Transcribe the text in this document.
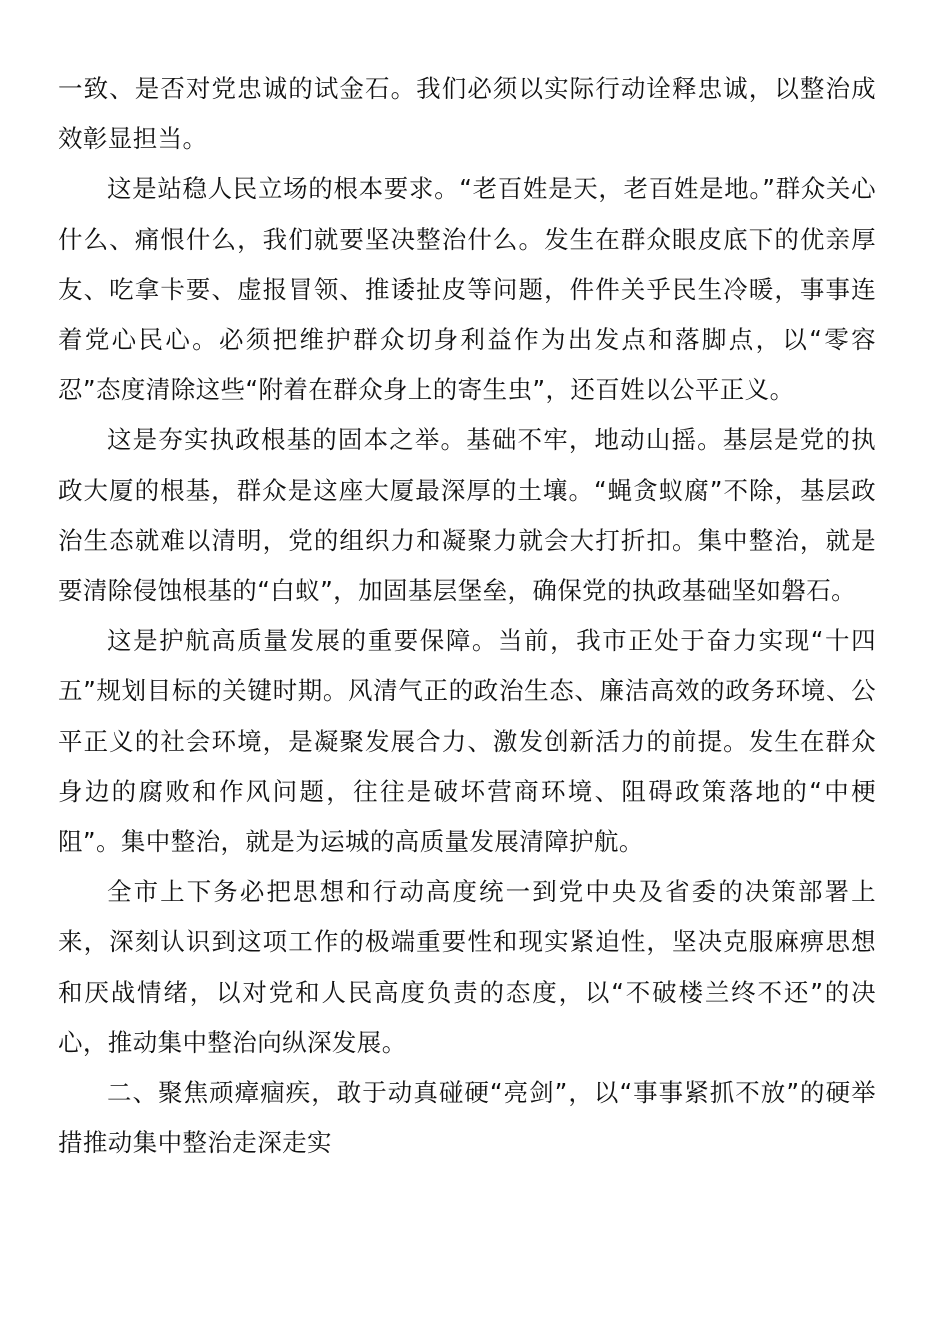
一致、是否对党忠诚的试金石。我们必须以实际行动诠释忠诚，以整治成效彰显担当。

这是站稳人民立场的根本要求。“老百姓是天，老百姓是地。”群众关心什么、痛恨什么，我们就要坚决整治什么。发生在群众眼皮底下的优亲厚友、吃拿卡要、虚报冒领、推诿扯皮等问题，件件关乎民生冷暖，事事连着党心民心。必须把维护群众切身利益作为出发点和落脚点，以“零容忍”态度清除这些“附着在群众身上的寄生虫”，还百姓以公平正义。

这是夯实执政根基的固本之举。基础不牢，地动山摇。基层是党的执政大厦的根基，群众是这座大厦最深厚的土壤。“蝇贪蚁腐”不除，基层政治生态就难以清明，党的组织力和凝聚力就会大打折扣。集中整治，就是要清除侵蚀根基的“白蚁”，加固基层堡垒，确保党的执政基础坚如磐石。

这是护航高质量发展的重要保障。当前，我市正处于奋力实现“十四五”规划目标的关键时期。风清气正的政治生态、廉洁高效的政务环境、公平正义的社会环境，是凝聚发展合力、激发创新活力的前提。发生在群众身边的腐败和作风问题，往往是破坏营商环境、阻碍政策落地的“中梗阻”。集中整治，就是为运城的高质量发展清障护航。

全市上下务必把思想和行动高度统一到党中央及省委的决策部署上来，深刻认识到这项工作的极端重要性和现实紧迫性，坚决克服麻痹思想和厌战情绪，以对党和人民高度负责的态度，以“不破楼兰终不还”的决心，推动集中整治向纵深发展。

二、聚焦顽瘴痼疾，敢于动真碰硬“亮剑”，以“事事紧抓不放”的硬举措推动集中整治走深走实
